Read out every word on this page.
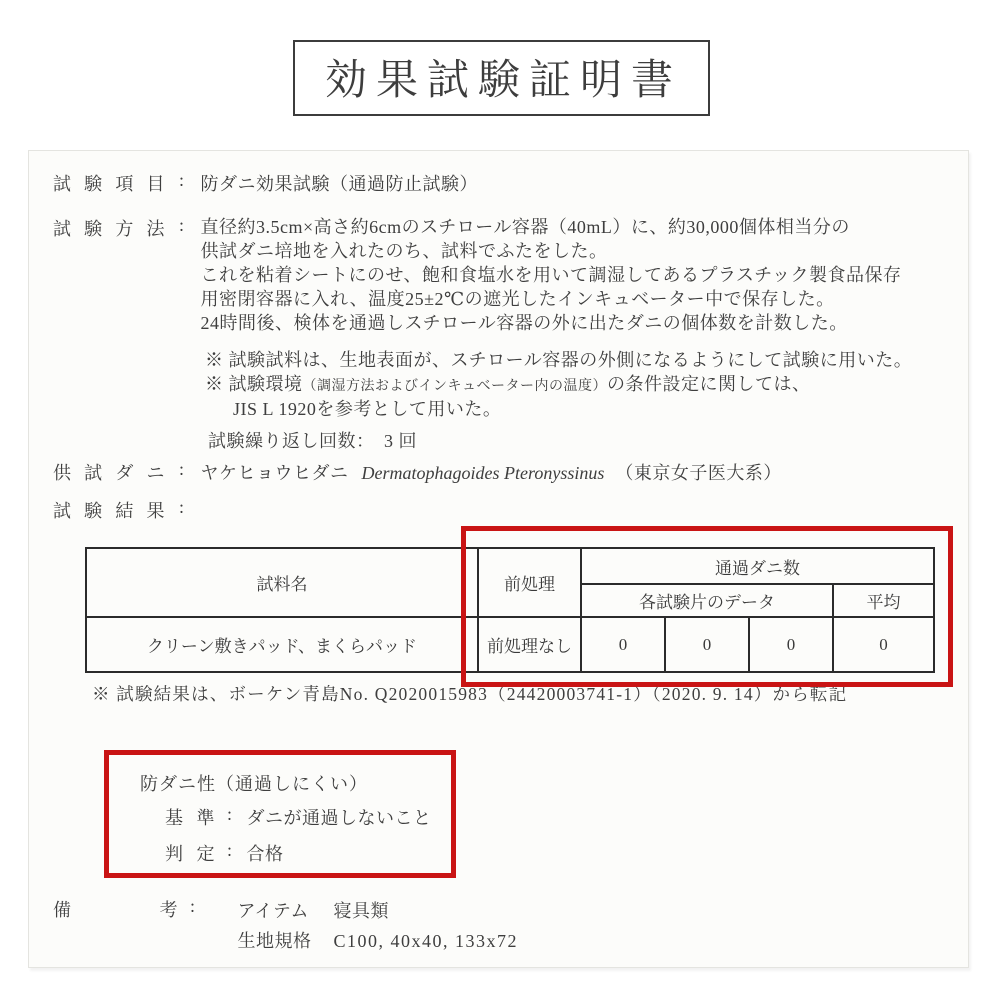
効果試験証明書
試験項目 : 防ダニ効果試験（通過防止試験）
試験方法 : 直径約3.5cm×高さ約6cmのスチロール容器（40mL）に、約30,000個体相当分の
供試ダニ培地を入れたのち、試料でふたをした。
これを粘着シートにのせ、飽和食塩水を用いて調湿してあるプラスチック製食品保存
用密閉容器に入れ、温度25±2℃の遮光したインキュベーター中で保存した。
24時間後、検体を通過しスチロール容器の外に出たダニの個体数を計数した。
※ 試験試料は、生地表面が、スチロール容器の外側になるようにして試験に用いた。
※ 試験環境（調湿方法およびインキュベーター内の温度）の条件設定に関しては、
JIS L 1920を参考として用いた。
試験繰り返し回数：　3 回
供試ダニ : ヤケヒョウヒダニ Dermatophagoides Pteronyssinus （東京女子医大系）
試験結果 :
試料名	前処理	通過ダニ数			
		各試験片のデータ			平均
クリーン敷きパッド、まくらパッド	前処理なし	0	0	0	0
※ 試験結果は、ボーケン青島No. Q2020015983（24420003741-1）（2020. 9. 14）から転記
防ダニ性（通過しにくい）
基準 : ダニが通過しないこと
判定 : 合格
備考 : アイテム	寝具類
生地規格	C100, 40x40, 133x72
